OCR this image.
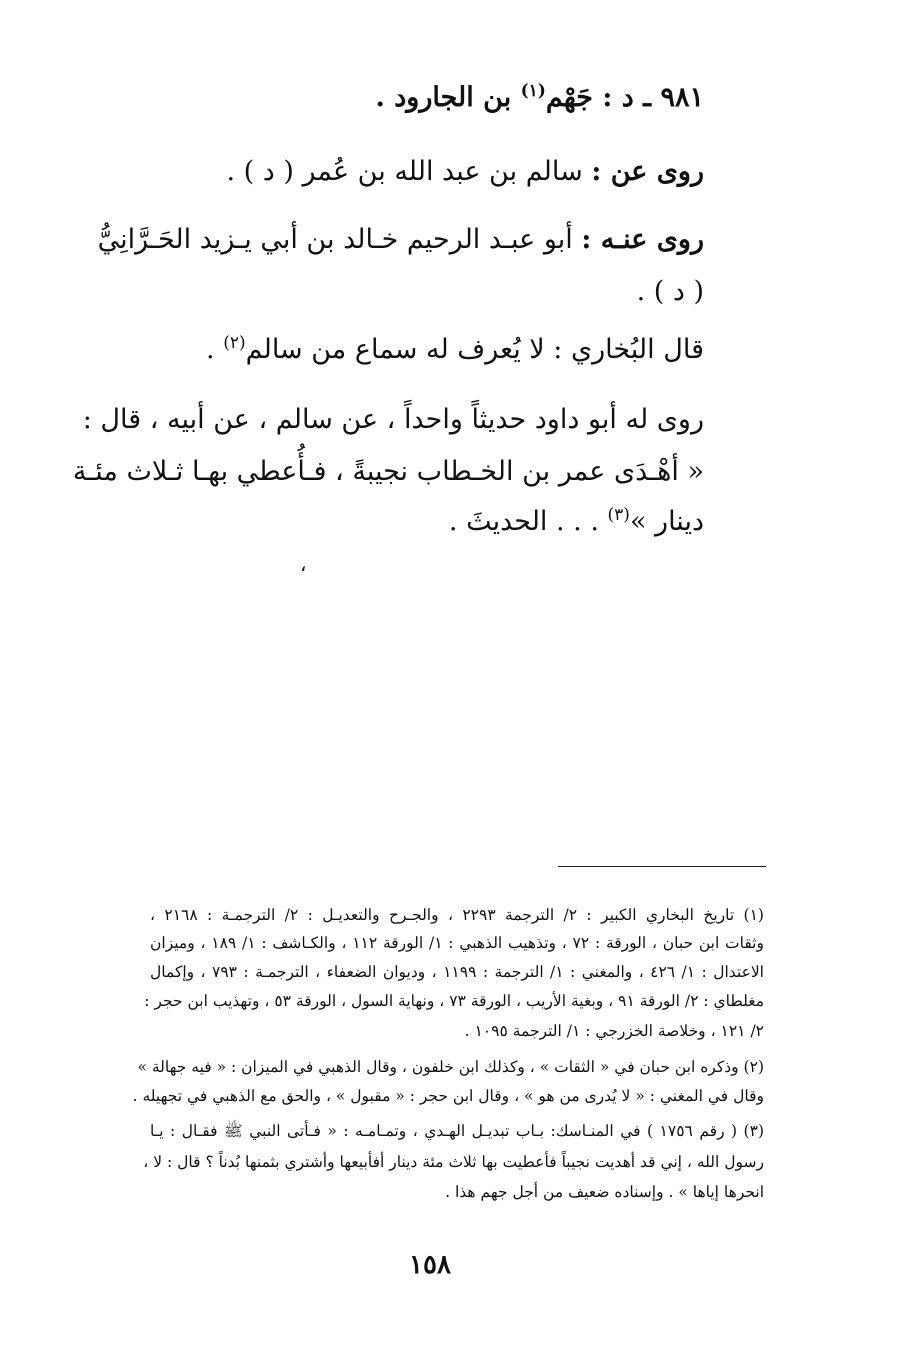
٩٨١ ـ د : جَهْم$^{(١)}$ بن الجارود .
روى عن : سالم بن عبد الله بن عُمر ( د ) .
روى عنـه : أبو عبـد الرحيم خـالد بن أبي يـزيد الحَـرَّانِيُّ
( د ) .
قال البُخاري : لا يُعرف له سماع من سالم$^{(٢)}$ .
روى له أبو داود حديثاً واحداً ، عن سالم ، عن أبيه ، قال :
« أهْـدَى عمر بن الخـطاب نجيبةً ، فـأُعطي بهـا ثـلاث مئـة
دينار »$^{(٣)}$ . . . الحديثَ .
،
(١) تاريخ البخاري الكبير : ٢/ الترجمة ٢٢٩٣ ، والجـرح والتعديـل : ٢/ الترجمـة : ٢١٦٨ ،
وثقات ابن حبان ، الورقة : ٧٢ ، وتذهيب الذهبي : ١/ الورقة ١١٢ ، والكـاشف : ١/ ١٨٩ ، وميزان
الاعتدال : ١/ ٤٢٦ ، والمغني : ١/ الترجمة : ١١٩٩ ، وديوان الضعفاء ، الترجمـة : ٧٩٣ ، وإكمال
مغلطاي : ٢/ الورقة ٩١ ، وبغية الأريب ، الورقة ٧٣ ، ونهاية السول ، الورقة ٥٣ ، وتهذيب ابن حجر :
٢/ ١٢١ ، وخلاصة الخزرجي : ١/ الترجمة ١٠٩٥ .
(٢) وذكره ابن حبان في « الثقات » ، وكذلك ابن خلفون ، وقال الذهبي في الميزان : « فيه جهالة »
وقال في المغني : « لا يُدرى من هو » ، وقال ابن حجر : « مقبول » ، والحق مع الذهبي في تجهيله .
(٣) ( رقم ١٧٥٦ ) في المنـاسك: بـاب تبديـل الهـدي ، وتمـامـه : « فـأتى النبي ﷺ فقـال : يـا
رسول الله ، إني قد أهديت نجيباً فأعطيت بها ثلاث مئة دينار أفأبيعها وأشتري بثمنها بُدناً ؟ قال : لا ،
انحرها إياها » . وإسناده ضعيف من أجل جهم هذا .
١٥٨
